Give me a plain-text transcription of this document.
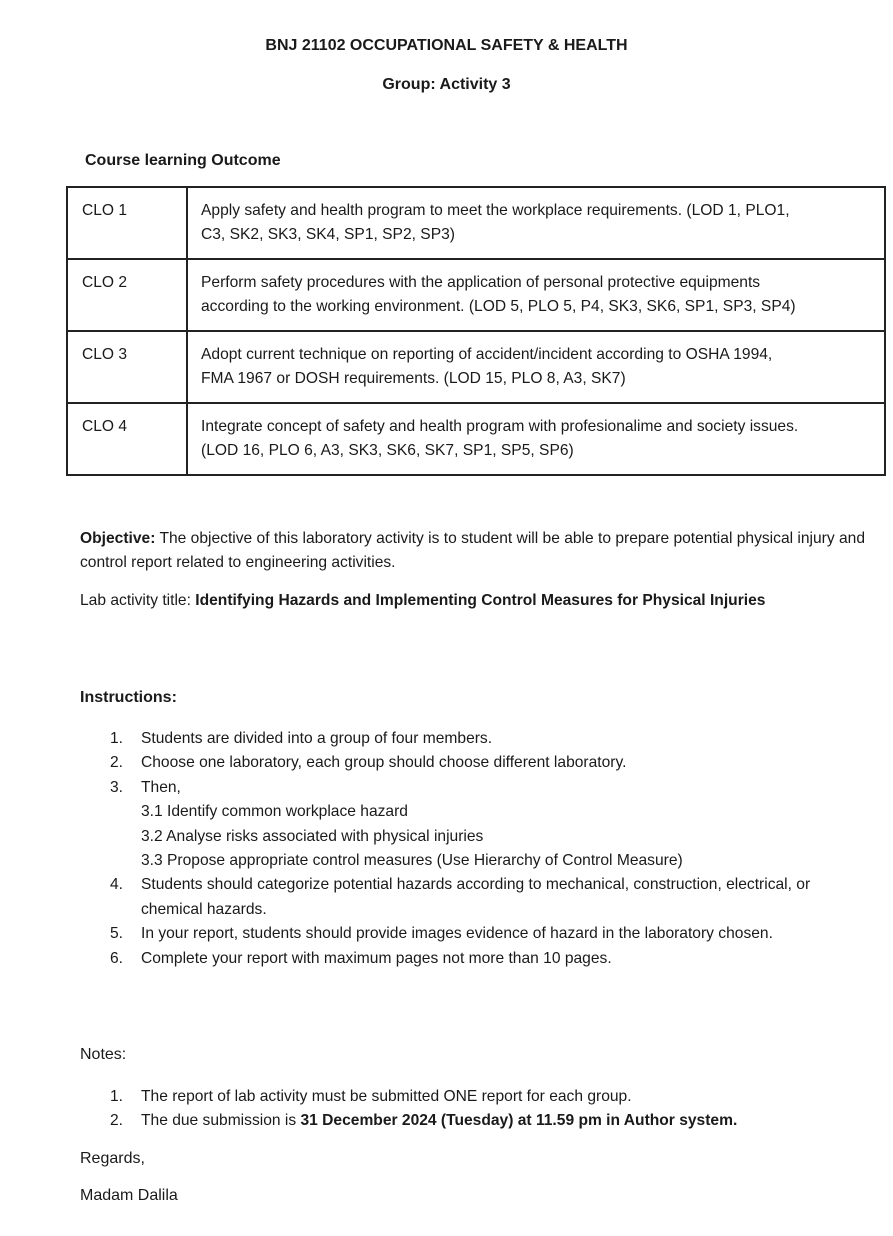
BNJ 21102 OCCUPATIONAL SAFETY & HEALTH
Group: Activity 3
Course learning Outcome
CLO 1	Apply safety and health program to meet the workplace requirements. (LOD 1, PLO1,
C3, SK2, SK3, SK4, SP1, SP2, SP3)
CLO 2	Perform safety procedures with the application of personal protective equipments
according to the working environment. (LOD 5, PLO 5, P4, SK3, SK6, SP1, SP3, SP4)
CLO 3	Adopt current technique on reporting of accident/incident according to OSHA 1994,
FMA 1967 or DOSH requirements. (LOD 15, PLO 8, A3, SK7)
CLO 4	Integrate concept of safety and health program with profesionalime and society issues.
(LOD 16, PLO 6, A3, SK3, SK6, SK7, SP1, SP5, SP6)
Objective: The objective of this laboratory activity is to student will be able to prepare potential physical injury and control report related to engineering activities.
Lab activity title: Identifying Hazards and Implementing Control Measures for Physical Injuries
Instructions:
1. Students are divided into a group of four members.
2. Choose one laboratory, each group should choose different laboratory.
3. Then,
3.1 Identify common workplace hazard
3.2 Analyse risks associated with physical injuries
3.3 Propose appropriate control measures (Use Hierarchy of Control Measure)
4. Students should categorize potential hazards according to mechanical, construction, electrical, or chemical hazards.
5. In your report, students should provide images evidence of hazard in the laboratory chosen.
6. Complete your report with maximum pages not more than 10 pages.
Notes:
1. The report of lab activity must be submitted ONE report for each group.
2. The due submission is 31 December 2024 (Tuesday) at 11.59 pm in Author system.
Regards,
Madam Dalila
